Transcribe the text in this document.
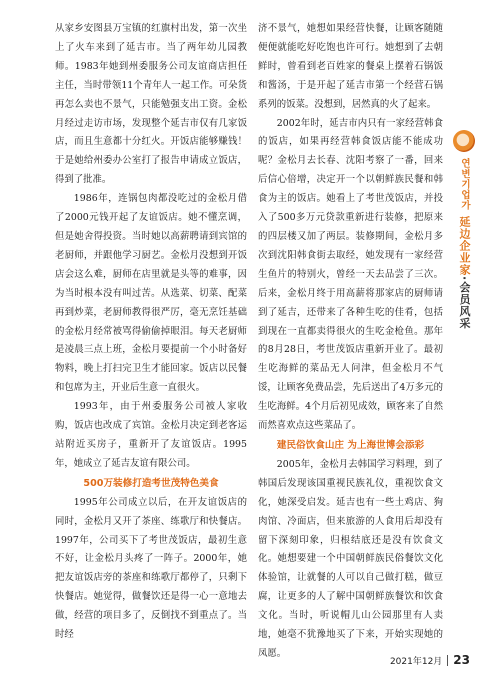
从家乡安图县万宝镇的红旗村出发，第一次坐上了火车来到了延吉市。当了两年幼儿园教师。1983年她到州委服务公司友谊商店担任主任，当时带领11个青年人一起工作。可朵货再怎么卖也不景气，只能勉强支出工资。金松月经过走访市场，发现整个延吉市仅有几家饭店，而且生意都十分红火。开饭店能够赚钱！于是她给州委办公室打了报告申请成立饭店，得到了批准。

1986年，连锅包肉都没吃过的金松月借了2000元钱开起了友谊饭店。她不懂烹调，但是她舍得投资。当时她以高薪聘请到宾馆的老厨师，并跟他学习厨艺。金松月没想到开饭店会这么难，厨师在店里就是头等的难事，因为当时根本没有叫过苦。从选菜、切菜、配菜再到炒菜，老厨师教得很严厉，毫无烹饪基础的金松月经常被骂得偷偷掉眼泪。每天老厨师是凌晨三点上班，金松月要提前一个小时备好物料，晚上打扫完卫生才能回家。饭店以民餐和包席为主，开业后生意一直很火。

1993年，由于州委服务公司被人家收购，饭店也改成了宾馆。金松月决定到老客运站附近买房子，重新开了友谊饭店。1995年，她成立了延吉友谊有限公司。

500万装修打造考世茂特色美食

1995年公司成立以后，在开友谊饭店的同时，金松月又开了茶座、练歌厅和快餐店。1997年，公司买下了考世茂饭店，最初生意不好，让金松月头疼了一阵子。2000年，她把友谊饭店旁的茶座和练歌厅都停了，只剩下快餐店。她觉得，做餐饮还是得一心一意地去做，经营的项目多了，反倒找不到重点了。当时经

济不景气，她想如果经营快餐，让顾客随随便便就能吃好吃饱也许可行。她想到了去朝鲜时，曾看到老百姓家的餐桌上摆着石锅饭和酱汤，于是开起了延吉市第一个经营石锅系列的饭菜。没想到，居然真的火了起来。

2002年时，延吉市内只有一家经营韩食的饭店，如果再经营韩食饭店能不能成功呢？金松月去长春、沈阳考察了一番，回来后信心倍增，决定开一个以朝鲜族民餐和韩食为主的饭店。她看上了考世茂饭店，并投入了500多万元贷款重新进行装修，把原来的四层楼又加了两层。装修期间，金松月多次到沈阳韩食街去取经，她发现有一家经营生鱼片的特别火，曾经一天去品尝了三次。后来，金松月终于用高薪将那家店的厨师请到了延吉，还带来了各种生吃的佳肴，包括到现在一直都卖得很火的生吃金枪鱼。那年的8月28日，考世茂饭店重新开业了。最初生吃海鲜的菜品无人问津，但金松月不气馁，让顾客免费品尝，先后送出了4万多元的生吃海鲜。4个月后初见成效，顾客来了自然而然喜欢点这些菜品了。

建民俗饮食山庄 为上海世博会添彩

2005年，金松月去韩国学习料理，到了韩国后发现该国重视民族礼仪，重视饮食文化，她深受启发。延吉也有一些土鸡店、狗肉馆、冷面店，但来旅游的人食用后却没有留下深刻印象，归根结底还是没有饮食文化。她想要建一个中国朝鲜族民俗餐饮文化体验馆，让就餐的人可以自己做打糕，做豆腐，让更多的人了解中国朝鲜族餐饮和饮食文化。当时，听说帽儿山公园那里有人卖地，她毫不犹豫地买了下来，开始实现她的凤愿。

연변기업가
延边企业家·会员风采
2021年12月 23
